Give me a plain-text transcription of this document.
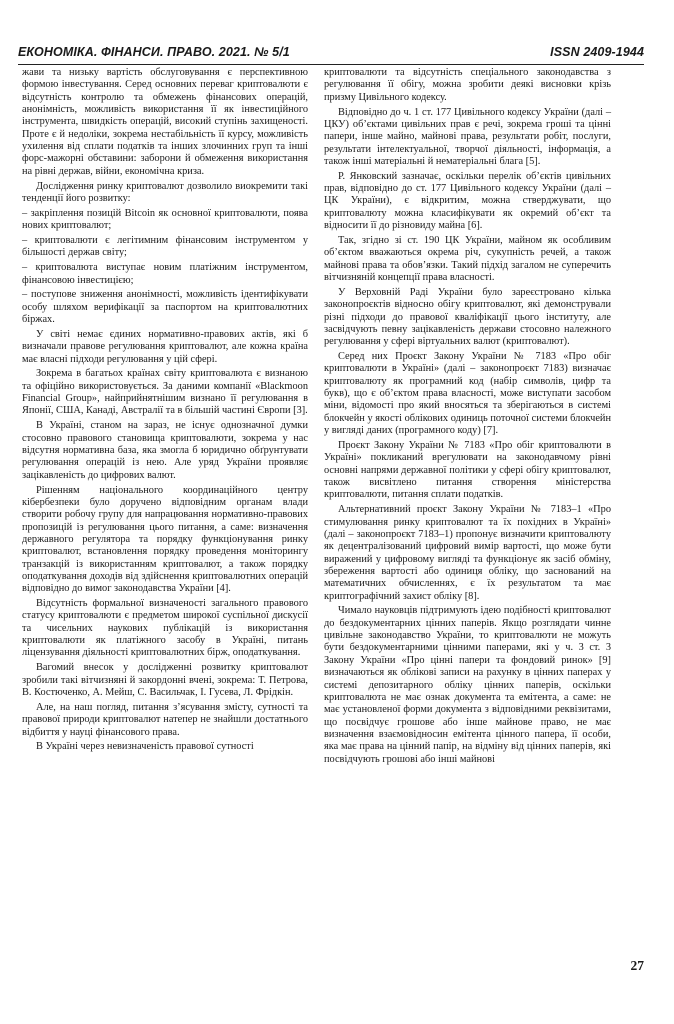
ЕКОНОМІКА. ФІНАНСИ. ПРАВО. 2021. № 5/1	ISSN 2409-1944

жави та низьку вартість обслуговування є перспективною формою інвестування. Серед основних переваг криптовалюти є відсутність контролю та обмежень фінансових операцій, анонімність, можливість використання її як інвестиційного інструмента, швидкість операцій, високий ступінь захищеності. Проте є й недоліки, зокрема нестабільність її курсу, можливість ухилення від сплати податків та інших злочинних груп та інші форс-мажорні обставини: заборони й обмеження використання на рівні держав, війни, економічна криза.

Дослідження ринку криптовалют дозволило виокремити такі тенденції його розвитку:

– закріплення позицій Bitcoin як основної криптовалюти, поява нових криптовалют;

– криптовалюти є легітимним фінансовим інструментом у більшості держав світу;

– криптовалюта виступає новим платіжним інструментом, фінансовою інвестицією;

– поступове зниження анонімності, можливість ідентифікувати особу шляхом верифікації за паспортом на криптовалютних біржах.

У світі немає єдиних нормативно-правових актів, які б визначали правове регулювання криптовалют, але кожна країна має власні підходи регулювання у цій сфері.

Зокрема в багатьох країнах світу криптовалюта є визнаною та офіційно використовується. За даними компанії «Blackmoon Financial Group», найприйнятнішим визнано її регулювання в Японії, США, Канаді, Австралії та в більшій частині Європи [3].

В Україні, станом на зараз, не існує однозначної думки стосовно правового становища криптовалюти, зокрема у нас відсутня нормативна база, яка змогла б юридично обґрунтувати регулювання операцій із нею. Але уряд України проявляє зацікавленість до цифрових валют.

Рішенням національного координаційного центру кібербезпеки було доручено відповідним органам влади створити робочу групу для напрацювання нормативно-правових пропозицій із регулювання цього питання, а саме: визначення державного регулятора та порядку функціонування ринку криптовалют, встановлення порядку проведення моніторингу транзакцій із використанням криптовалют, а також порядку оподаткування доходів від здійснення криптовалютних операцій відповідно до вимог законодавства України [4].

Відсутність формальної визначеності загального правового статусу криптовалюти є предметом широкої суспільної дискусії та чисельних наукових публікацій із використання криптовалюти як платіжного засобу в Україні, питань ліцензування діяльності криптовалютних бірж, оподаткування.

Вагомий внесок у дослідженні розвитку криптовалют зробили такі вітчизняні й закордонні вчені, зокрема: Т. Петрова, В. Костюченко, А. Мейш, С. Васильчак, І. Гусева, Л. Фрідкін.

Але, на наш погляд, питання з’ясування змісту, сутності та правової природи криптовалют натепер не знайшли достатнього відбиття у науці фінансового права.

В Україні через невизначеність правової сутності

криптовалюти та відсутність спеціального законодавства з регулювання її обігу, можна зробити деякі висновки крізь призму Цивільного кодексу.

Відповідно до ч. 1 ст. 177 Цивільного кодексу України (далі – ЦКУ) об’єктами цивільних прав є речі, зокрема гроші та цінні папери, інше майно, майнові права, результати робіт, послуги, результати інтелектуальної, творчої діяльності, інформація, а також інші матеріальні й нематеріальні блага [5].

Р. Янковский зазначає, оскільки перелік об’єктів цивільних прав, відповідно до ст. 177 Цивільного кодексу України (далі – ЦК України), є відкритим, можна стверджувати, що криптовалюту можна класифікувати як окремий об’єкт та відносити її до різновиду майна [6].

Так, згідно зі ст. 190 ЦК України, майном як особливим об’єктом вважаються окрема річ, сукупність речей, а також майнові права та обов’язки. Такий підхід загалом не суперечить вітчизняній концепції права власності.

У Верховній Раді України було зареєстровано кілька законопроєктів відносно обігу криптовалют, які демонстрували різні підходи до правової кваліфікації цього інституту, але засвідчують певну зацікавленість держави стосовно належного регулювання у сфері віртуальних валют (криптовалют).

Серед них Проєкт Закону України № 7183 «Про обіг криптовалюти в Україні» (далі – законопроєкт 7183) визначає криптовалюту як програмний код (набір символів, цифр та букв), що є об’єктом права власності, може виступати засобом міни, відомості про який вносяться та зберігаються в системі блокчейн у якості облікових одиниць поточної системи блокчейн у вигляді даних (програмного коду) [7].

Проєкт Закону України № 7183 «Про обіг криптовалюти в Україні» покликаний врегулювати на законодавчому рівні основні напрями державної політики у сфері обігу криптовалют, також висвітлено питання створення міністерства криптовалюти, питання сплати податків.

Альтернативний проєкт Закону України № 7183–1 «Про стимулювання ринку криптовалют та їх похідних в Україні» (далі – законопроєкт 7183–1) пропонує визначити криптовалюту як децентралізований цифровий вимір вартості, що може бути виражений у цифровому вигляді та функціонує як засіб обміну, збереження вартості або одиниця обліку, що заснований на математичних обчисленнях, є їх результатом та має криптографічний захист обліку [8].

Чимало науковців підтримують ідею подібності криптовалют до бездокументарних цінних паперів. Якщо розглядати чинне цивільне законодавство України, то криптовалюти не можуть бути бездокументарними цінними паперами, які у ч. 3 ст. 3 Закону України «Про цінні папери та фондовий ринок» [9] визначаються як облікові записи на рахунку в цінних паперах у системі депозитарного обліку цінних паперів, оскільки криптовалюта не має ознак документа та емітента, а саме: не має установленої форми документа з відповідними реквізитами, що посвідчує грошове або інше майнове право, не має визначення взаємовідносин емітента цінного папера, її особи, яка має права на цінний папір, на відміну від цінних паперів, які посвідчують грошові або інші майнові

27
